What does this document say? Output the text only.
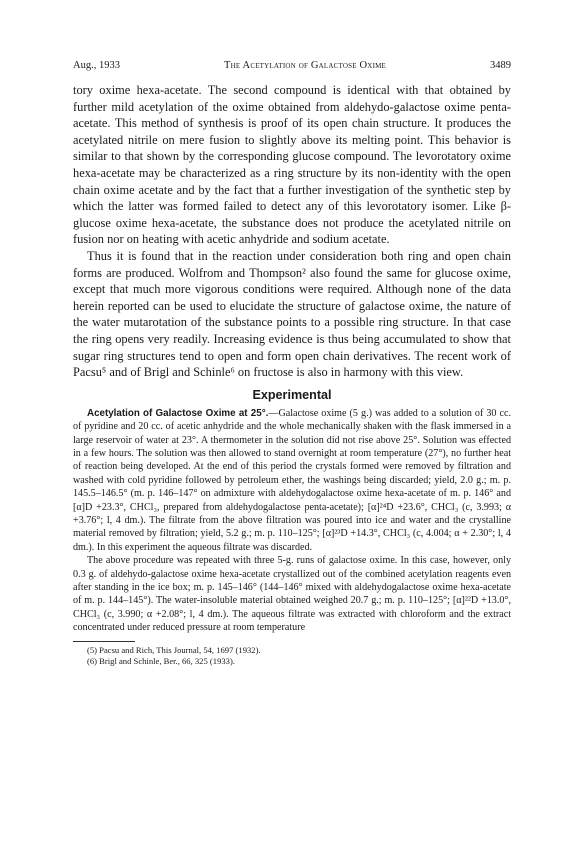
Aug., 1933	The Acetylation of Galactose Oxime	3489

tory oxime hexa-acetate. The second compound is identical with that obtained by further mild acetylation of the oxime obtained from aldehydo-galactose oxime penta-acetate. This method of synthesis is proof of its open chain structure. It produces the acetylated nitrile on mere fusion to slightly above its melting point. This behavior is similar to that shown by the corresponding glucose compound. The levorotatory oxime hexa-acetate may be characterized as a ring structure by its non-identity with the open chain oxime acetate and by the fact that a further investigation of the synthetic step by which the latter was formed failed to detect any of this levorotatory isomer. Like β-glucose oxime hexa-acetate, the substance does not produce the acetylated nitrile on fusion nor on heating with acetic anhydride and sodium acetate.

Thus it is found that in the reaction under consideration both ring and open chain forms are produced. Wolfrom and Thompson² also found the same for glucose oxime, except that much more vigorous conditions were required. Although none of the data herein reported can be used to elucidate the structure of galactose oxime, the nature of the water mutarotation of the substance points to a possible ring structure. In that case the ring opens very readily. Increasing evidence is thus being accumulated to show that sugar ring structures tend to open and form open chain derivatives. The recent work of Pacsu⁵ and of Brigl and Schinle⁶ on fructose is also in harmony with this view.

Experimental

Acetylation of Galactose Oxime at 25°.—Galactose oxime (5 g.) was added to a solution of 30 cc. of pyridine and 20 cc. of acetic anhydride and the whole mechanically shaken with the flask immersed in a large reservoir of water at 23°. A thermometer in the solution did not rise above 25°. Solution was effected in a few hours. The solution was then allowed to stand overnight at room temperature (27°), no further heat of reaction being developed. At the end of this period the crystals formed were removed by filtration and washed with cold pyridine followed by petroleum ether, the washings being discarded; yield, 2.0 g.; m. p. 145.5–146.5° (m. p. 146–147° on admixture with aldehydogalactose oxime hexa-acetate of m. p. 146° and [α]D +23.3°, CHCl₃, prepared from aldehydogalactose penta-acetate); [α]²⁴D +23.6°, CHCl₃ (c, 3.993; α +3.76°; l, 4 dm.). The filtrate from the above filtration was poured into ice and water and the crystalline material removed by filtration; yield, 5.2 g.; m. p. 110–125°; [α]²³D +14.3°, CHCl₃ (c, 4.004; α + 2.30°; l, 4 dm.). In this experiment the aqueous filtrate was discarded.

The above procedure was repeated with three 5-g. runs of galactose oxime. In this case, however, only 0.3 g. of aldehydo-galactose oxime hexa-acetate crystallized out of the combined acetylation reagents even after standing in the ice box; m. p. 145–146° (144–146° mixed with aldehydogalactose oxime hexa-acetate of m. p. 144–145°). The water-insoluble material obtained weighed 20.7 g.; m. p. 110–125°; [α]²²D +13.0°, CHCl₃ (c, 3.990; α +2.08°; l, 4 dm.). The aqueous filtrate was extracted with chloroform and the extract concentrated under reduced pressure at room temperature

(5) Pacsu and Rich, This Journal, 54, 1697 (1932).
(6) Brigl and Schinle, Ber., 66, 325 (1933).
